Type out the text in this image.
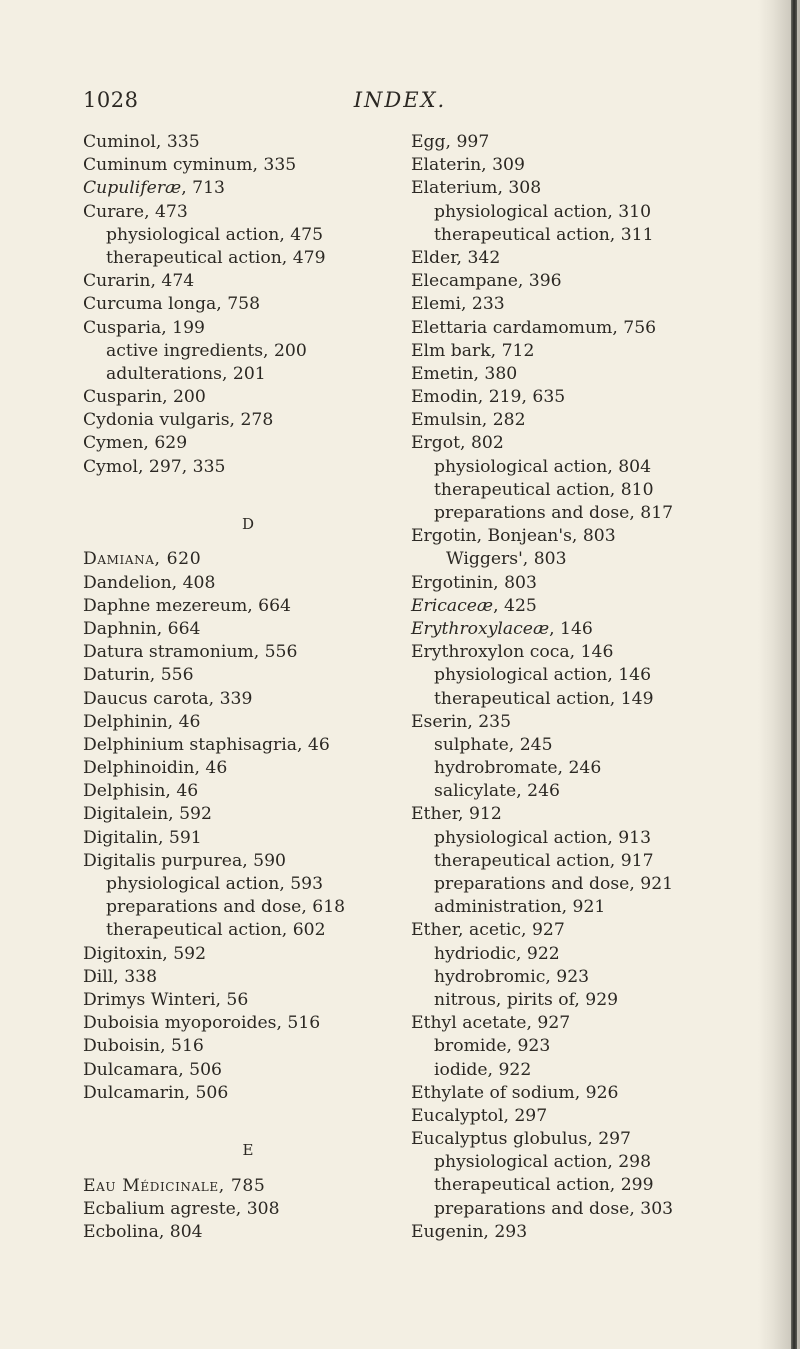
1028	INDEX.
Cuminol, 335
Cuminum cyminum, 335
Cupuliferæ, 713
Curare, 473
physiological action, 475
therapeutical action, 479
Curarin, 474
Curcuma longa, 758
Cusparia, 199
active ingredients, 200
adulterations, 201
Cusparin, 200
Cydonia vulgaris, 278
Cymen, 629
Cymol, 297, 335
D
Damiana, 620
Dandelion, 408
Daphne mezereum, 664
Daphnin, 664
Datura stramonium, 556
Daturin, 556
Daucus carota, 339
Delphinin, 46
Delphinium staphisagria, 46
Delphinoidin, 46
Delphisin, 46
Digitalein, 592
Digitalin, 591
Digitalis purpurea, 590
physiological action, 593
preparations and dose, 618
therapeutical action, 602
Digitoxin, 592
Dill, 338
Drimys Winteri, 56
Duboisia myoporoides, 516
Duboisin, 516
Dulcamara, 506
Dulcamarin, 506
E
Eau Médicinale, 785
Ecbalium agreste, 308
Ecbolina, 804
Egg, 997
Elaterin, 309
Elaterium, 308
physiological action, 310
therapeutical action, 311
Elder, 342
Elecampane, 396
Elemi, 233
Elettaria cardamomum, 756
Elm bark, 712
Emetin, 380
Emodin, 219, 635
Emulsin, 282
Ergot, 802
physiological action, 804
therapeutical action, 810
preparations and dose, 817
Ergotin, Bonjean's, 803
Wiggers', 803
Ergotinin, 803
Ericaceæ, 425
Erythroxylaceæ, 146
Erythroxylon coca, 146
physiological action, 146
therapeutical action, 149
Eserin, 235
sulphate, 245
hydrobromate, 246
salicylate, 246
Ether, 912
physiological action, 913
therapeutical action, 917
preparations and dose, 921
administration, 921
Ether, acetic, 927
hydriodic, 922
hydrobromic, 923
nitrous, pirits of, 929
Ethyl acetate, 927
bromide, 923
iodide, 922
Ethylate of sodium, 926
Eucalyptol, 297
Eucalyptus globulus, 297
physiological action, 298
therapeutical action, 299
preparations and dose, 303
Eugenin, 293
